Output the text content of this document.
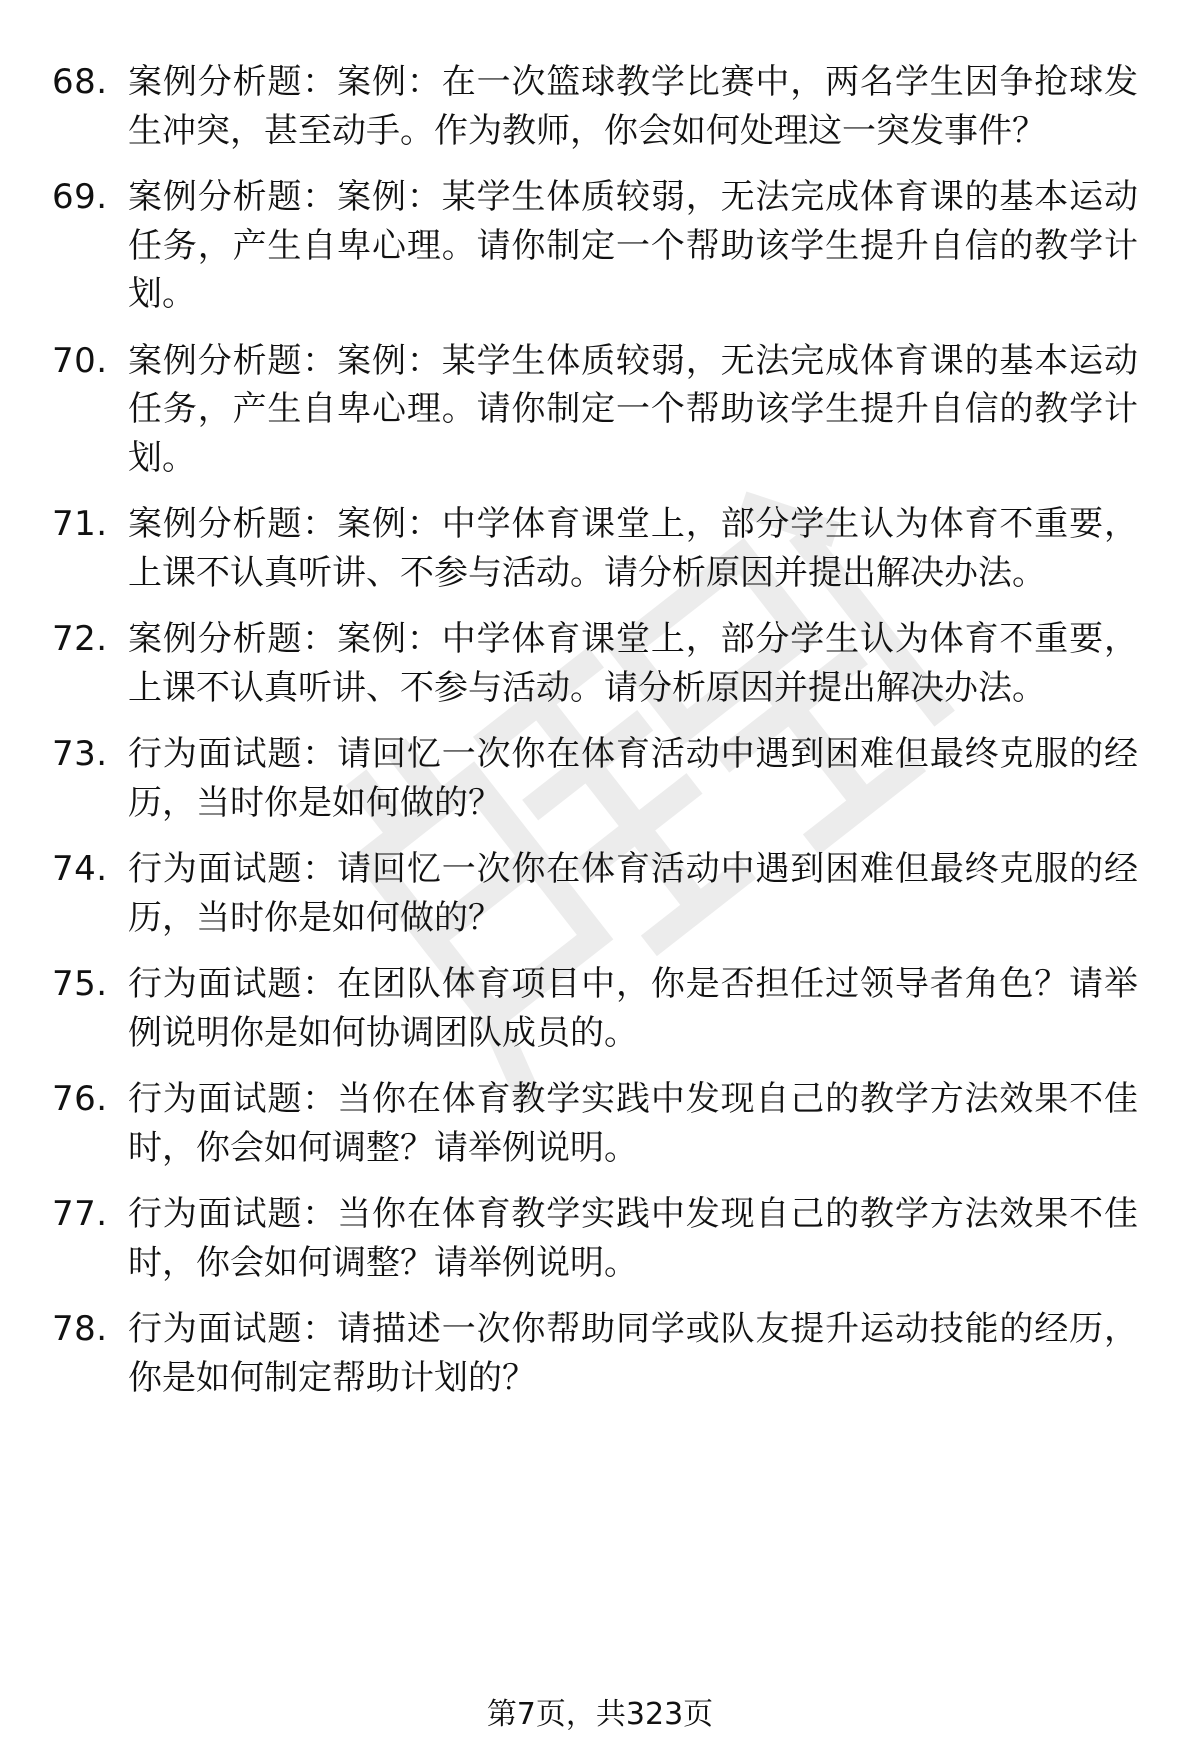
68. 案例分析题：案例：在一次篮球教学比赛中，两名学生因争抢球发生冲突，甚至动手。作为教师，你会如何处理这一突发事件？
69. 案例分析题：案例：某学生体质较弱，无法完成体育课的基本运动任务，产生自卑心理。请你制定一个帮助该学生提升自信的教学计划。
70. 案例分析题：案例：某学生体质较弱，无法完成体育课的基本运动任务，产生自卑心理。请你制定一个帮助该学生提升自信的教学计划。
71. 案例分析题：案例：中学体育课堂上，部分学生认为体育不重要，上课不认真听讲、不参与活动。请分析原因并提出解决办法。
72. 案例分析题：案例：中学体育课堂上，部分学生认为体育不重要，上课不认真听讲、不参与活动。请分析原因并提出解决办法。
73. 行为面试题：请回忆一次你在体育活动中遇到困难但最终克服的经历，当时你是如何做的？
74. 行为面试题：请回忆一次你在体育活动中遇到困难但最终克服的经历，当时你是如何做的？
75. 行为面试题：在团队体育项目中，你是否担任过领导者角色？请举例说明你是如何协调团队成员的。
76. 行为面试题：当你在体育教学实践中发现自己的教学方法效果不佳时，你会如何调整？请举例说明。
77. 行为面试题：当你在体育教学实践中发现自己的教学方法效果不佳时，你会如何调整？请举例说明。
78. 行为面试题：请描述一次你帮助同学或队友提升运动技能的经历，你是如何制定帮助计划的？
第7页，共323页
